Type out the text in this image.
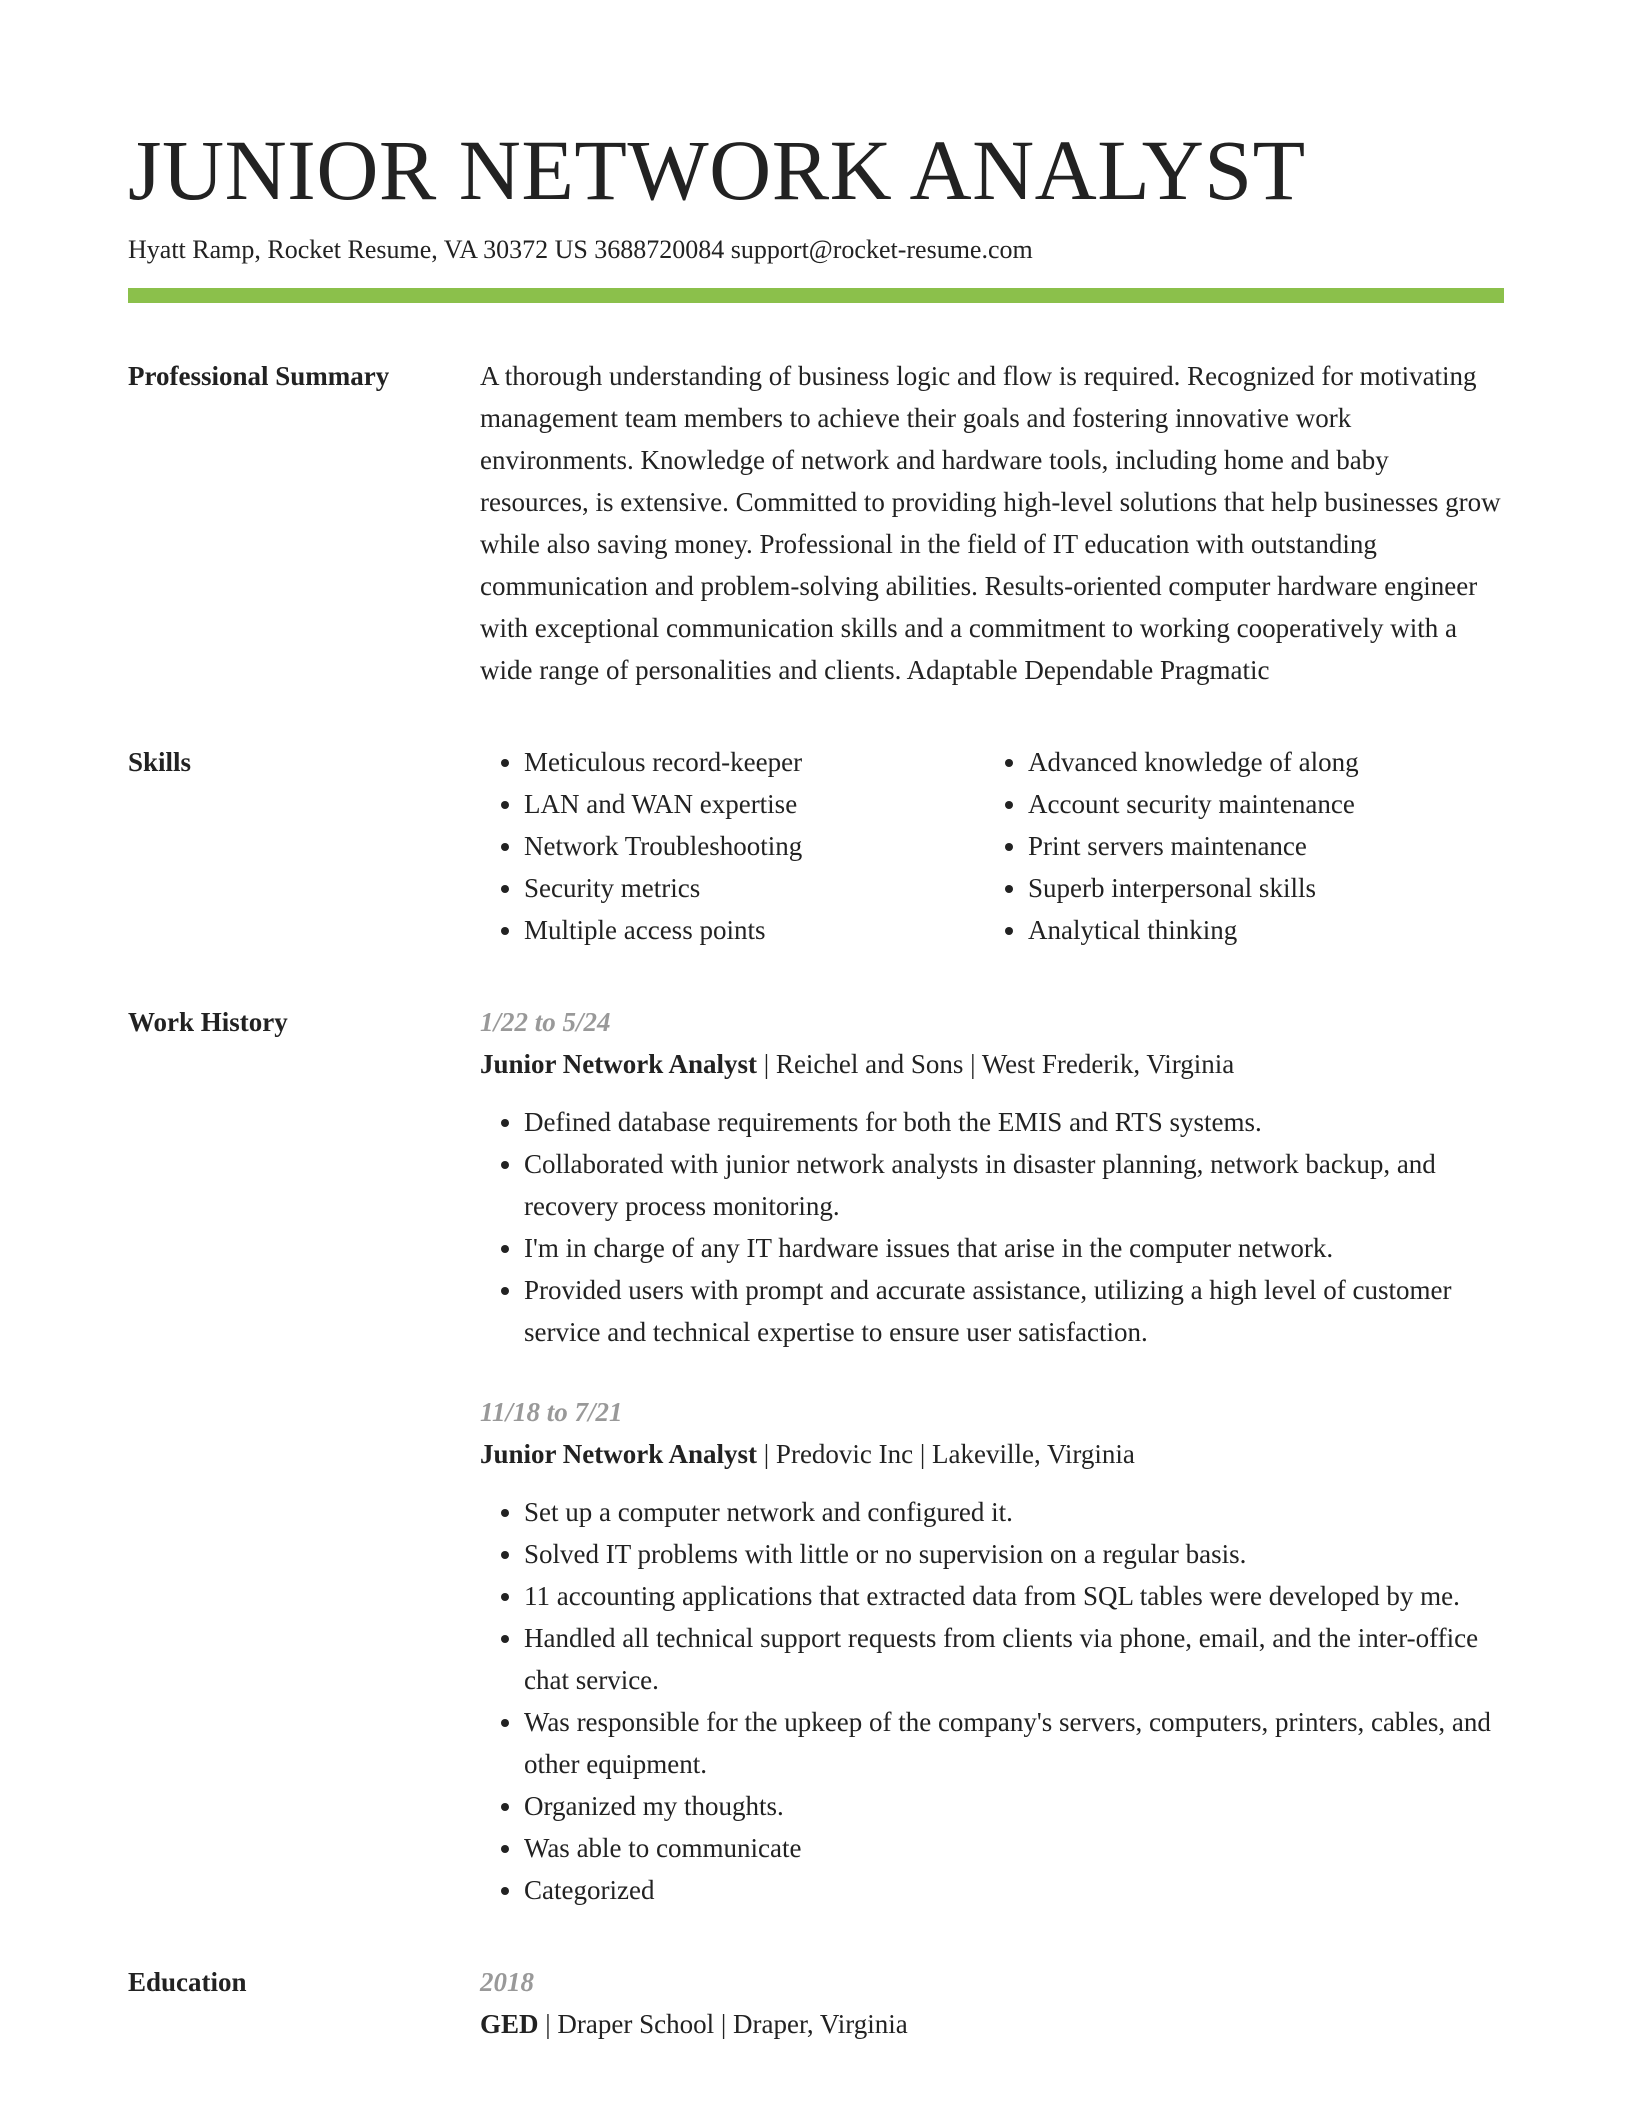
JUNIOR NETWORK ANALYST
Hyatt Ramp, Rocket Resume, VA 30372 US 3688720084 support@rocket-resume.com
Professional Summary	A thorough understanding of business logic and flow is required. Recognized for motivating management team members to achieve their goals and fostering innovative work environments. Knowledge of network and hardware tools, including home and baby resources, is extensive. Committed to providing high-level solutions that help businesses grow while also saving money. Professional in the field of IT education with outstanding communication and problem-solving abilities. Results-oriented computer hardware engineer with exceptional communication skills and a commitment to working cooperatively with a wide range of personalities and clients. Adaptable Dependable Pragmatic

Skills
•	Meticulous record-keeper
• LAN and WAN expertise
• Network Troubleshooting
• Security metrics
• Multiple access points
• Advanced knowledge of along
• Account security maintenance
• Print servers maintenance
• Superb interpersonal skills
• Analytical thinking
Work History	1/22 to 5/24
Junior Network Analyst | Reichel and Sons | West Frederik, Virginia
• Defined database requirements for both the EMIS and RTS systems.
• Collaborated with junior network analysts in disaster planning, network backup, and recovery process monitoring.
• I'm in charge of any IT hardware issues that arise in the computer network.
• Provided users with prompt and accurate assistance, utilizing a high level of customer service and technical expertise to ensure user satisfaction.
11/18 to 7/21
Junior Network Analyst | Predovic Inc | Lakeville, Virginia
• Set up a computer network and configured it.
• Solved IT problems with little or no supervision on a regular basis.
• 11 accounting applications that extracted data from SQL tables were developed by me.
• Handled all technical support requests from clients via phone, email, and the inter-office chat service.
• Was responsible for the upkeep of the company's servers, computers, printers, cables, and other equipment.
• Organized my thoughts.
• Was able to communicate
• Categorized
Education	2018
GED | Draper School | Draper, Virginia
